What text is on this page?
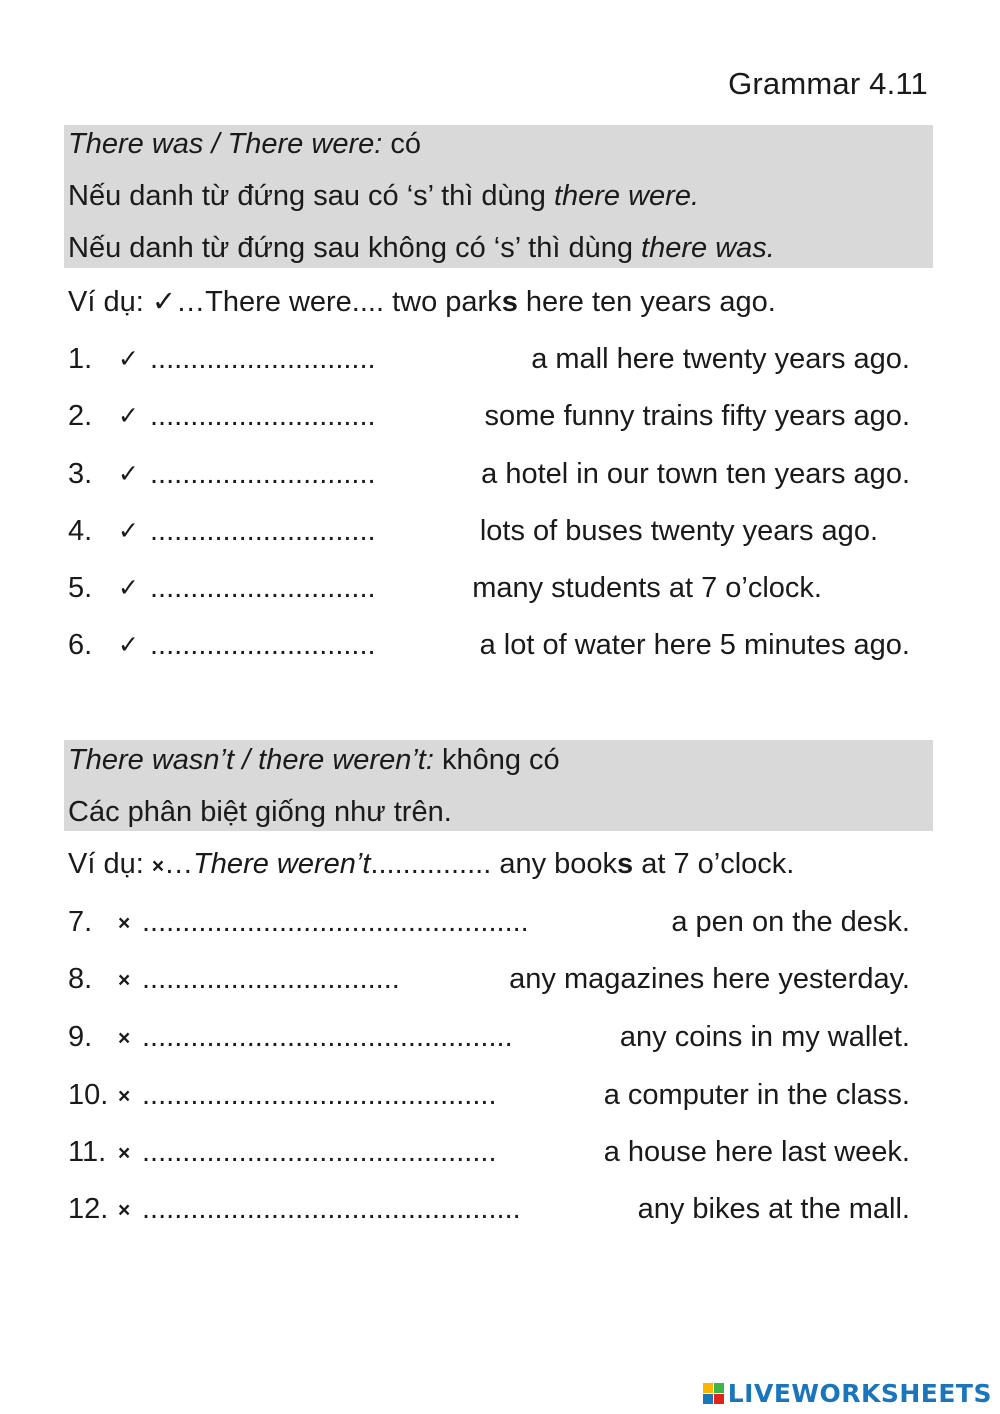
Grammar 4.11
There was / There were: có
Nếu danh từ đứng sau có ‘s’ thì dùng there were.
Nếu danh từ đứng sau không có ‘s’ thì dùng there was.
Ví dụ: ✓…There were.... two parks here ten years ago.
1. ✓ ............................	a mall here twenty years ago.
2. ✓ ............................	some funny trains fifty years ago.
3. ✓ ............................	a hotel in our town ten years ago.
4. ✓ ............................	lots of buses twenty years ago.
5. ✓ ............................	many students at 7 o’clock.
6. ✓ ............................	a lot of water here 5 minutes ago.
There wasn’t / there weren’t: không có
Các phân biệt giống như trên.
Ví dụ: ×…There weren’t............... any books at 7 o’clock.
7. × ................................................	a pen on the desk.
8. × ................................	any magazines here yesterday.
9. × ..............................................	any coins in my wallet.
10. × ............................................	a computer in the class.
11. × ............................................	a house here last week.
12. × ...............................................	any bikes at the mall.
LIVEWORKSHEETS
